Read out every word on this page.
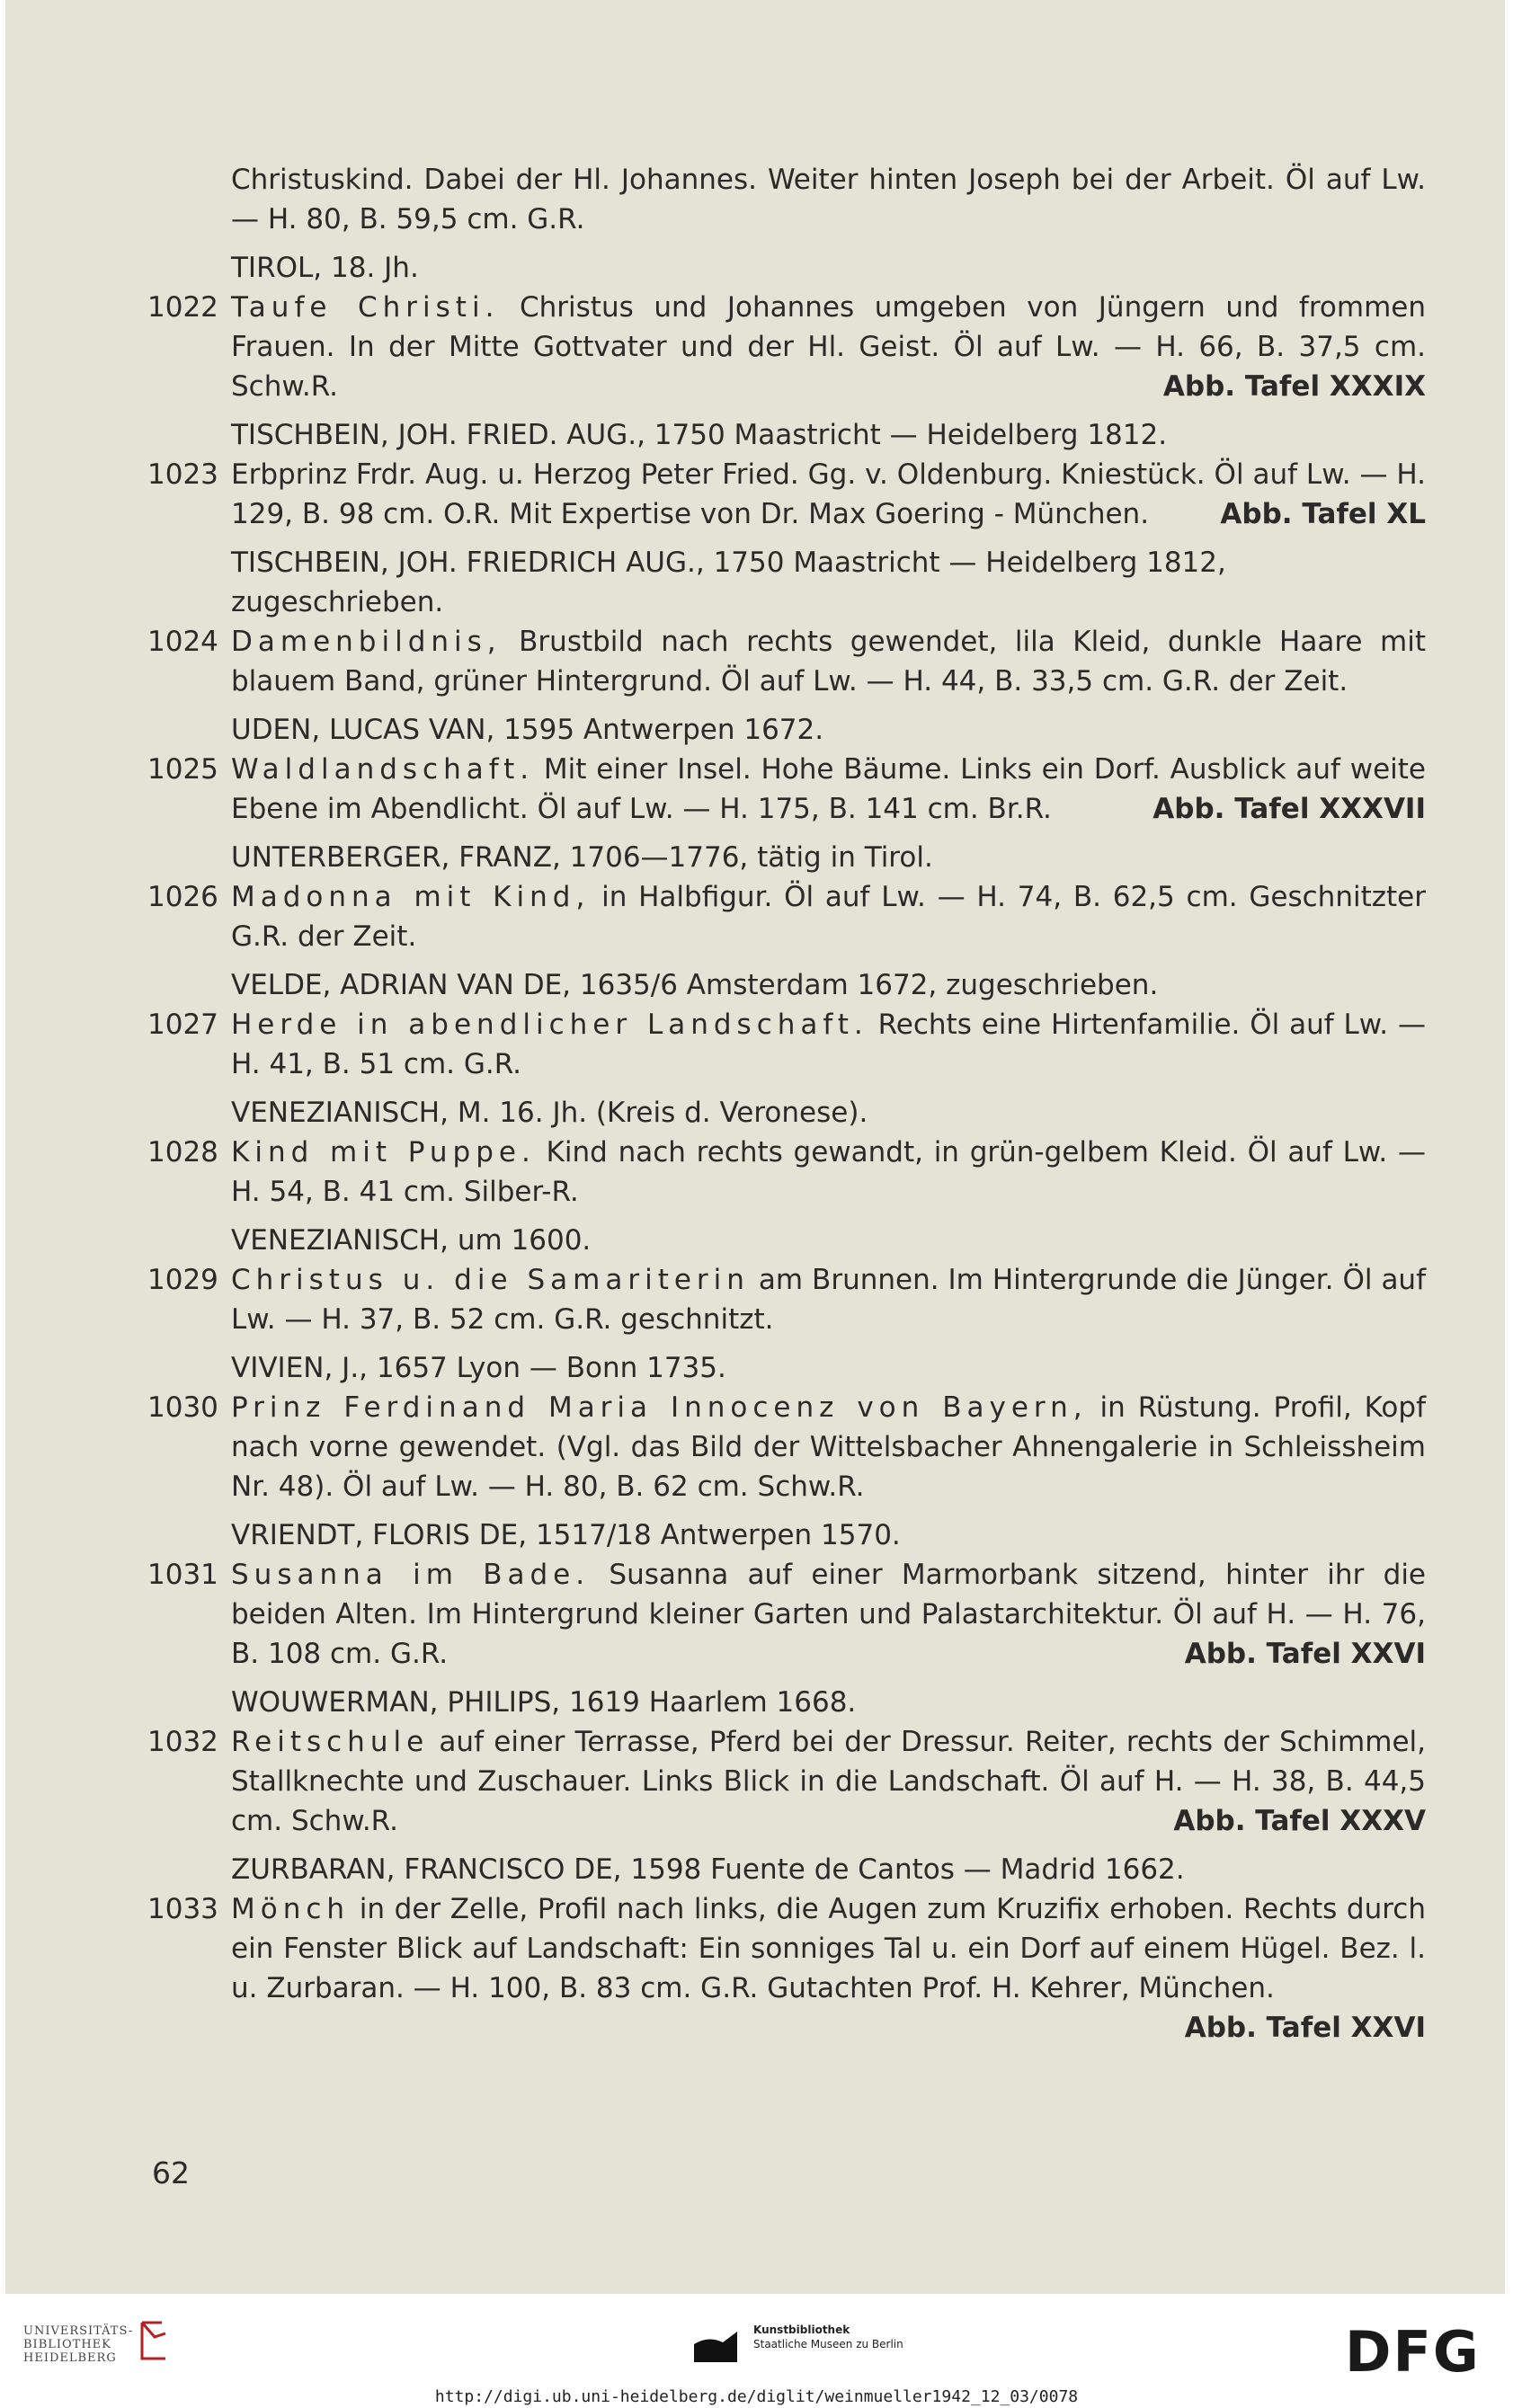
Christuskind. Dabei der Hl. Johannes. Weiter hinten Joseph bei der Arbeit. Öl auf Lw. — H. 80, B. 59,5 cm. G.R.
TIROL, 18. Jh.
1022 Taufe Christi. Christus und Johannes umgeben von Jüngern und frommen Frauen. In der Mitte Gottvater und der Hl. Geist. Öl auf Lw. — H. 66, B. 37,5 cm. Schw.R.	Abb. Tafel XXXIX
TISCHBEIN, JOH. FRIED. AUG., 1750 Maastricht — Heidelberg 1812.
1023 Erbprinz Frdr. Aug. u. Herzog Peter Fried. Gg. v. Oldenburg. Kniestück. Öl auf Lw. — H. 129, B. 98 cm. O.R. Mit Expertise von Dr. Max Goering - München.	Abb. Tafel XL
TISCHBEIN, JOH. FRIEDRICH AUG., 1750 Maastricht — Heidelberg 1812, zugeschrieben.
1024 Damenbildnis, Brustbild nach rechts gewendet, lila Kleid, dunkle Haare mit blauem Band, grüner Hintergrund. Öl auf Lw. — H. 44, B. 33,5 cm. G.R. der Zeit.
UDEN, LUCAS VAN, 1595 Antwerpen 1672.
1025 Waldlandschaft. Mit einer Insel. Hohe Bäume. Links ein Dorf. Ausblick auf weite Ebene im Abendlicht. Öl auf Lw. — H. 175, B. 141 cm. Br.R.	Abb. Tafel XXXVII
UNTERBERGER, FRANZ, 1706—1776, tätig in Tirol.
1026 Madonna mit Kind, in Halbfigur. Öl auf Lw. — H. 74, B. 62,5 cm. Geschnitzter G.R. der Zeit.
VELDE, ADRIAN VAN DE, 1635/6 Amsterdam 1672, zugeschrieben.
1027 Herde in abendlicher Landschaft. Rechts eine Hirtenfamilie. Öl auf Lw. — H. 41, B. 51 cm. G.R.
VENEZIANISCH, M. 16. Jh. (Kreis d. Veronese).
1028 Kind mit Puppe. Kind nach rechts gewandt, in grün-gelbem Kleid. Öl auf Lw. — H. 54, B. 41 cm. Silber-R.
VENEZIANISCH, um 1600.
1029 Christus u. die Samariterin am Brunnen. Im Hintergrunde die Jünger. Öl auf Lw. — H. 37, B. 52 cm. G.R. geschnitzt.
VIVIEN, J., 1657 Lyon — Bonn 1735.
1030 Prinz Ferdinand Maria Innocenz von Bayern, in Rüstung. Profil, Kopf nach vorne gewendet. (Vgl. das Bild der Wittelsbacher Ahnengalerie in Schleissheim Nr. 48). Öl auf Lw. — H. 80, B. 62 cm. Schw.R.
VRIENDT, FLORIS DE, 1517/18 Antwerpen 1570.
1031 Susanna im Bade. Susanna auf einer Marmorbank sitzend, hinter ihr die beiden Alten. Im Hintergrund kleiner Garten und Palastarchitektur. Öl auf H. — H. 76, B. 108 cm. G.R.	Abb. Tafel XXVI
WOUWERMAN, PHILIPS, 1619 Haarlem 1668.
1032 Reitschule auf einer Terrasse, Pferd bei der Dressur. Reiter, rechts der Schimmel, Stallknechte und Zuschauer. Links Blick in die Landschaft. Öl auf H. — H. 38, B. 44,5 cm. Schw.R.	Abb. Tafel XXXV
ZURBARAN, FRANCISCO DE, 1598 Fuente de Cantos — Madrid 1662.
1033 Mönch in der Zelle, Profil nach links, die Augen zum Kruzifix erhoben. Rechts durch ein Fenster Blick auf Landschaft: Ein sonniges Tal u. ein Dorf auf einem Hügel. Bez. l. u. Zurbaran. — H. 100, B. 83 cm. G.R. Gutachten Prof. H. Kehrer, München.
Abb. Tafel XXVI
62
UNIVERSITÄTS-
BIBLIOTHEK
HEIDELBERG
Kunstbibliothek
Staatliche Museen zu Berlin	DFG
http://digi.ub.uni-heidelberg.de/diglit/weinmueller1942_12_03/0078
